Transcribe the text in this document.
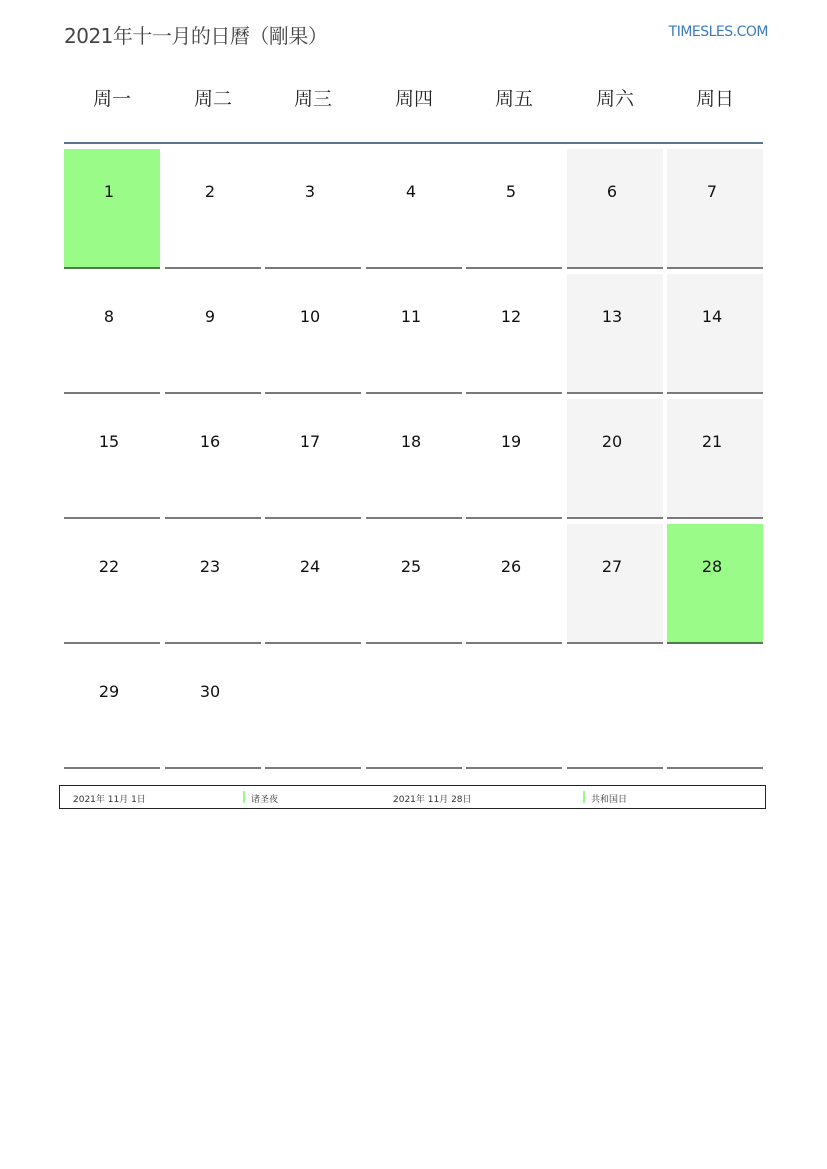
2021年十一月的日曆（剛果）	TIMESLES.COM
周一	周二	周三	周四	周五	周六	周日
1	2	3	4	5	6	7
8	9	10	11	12	13	14
15	16	17	18	19	20	21
22	23	24	25	26	27	28
29	30
2021年 11月 1日	诸圣夜	2021年 11月 28日	共和国日
